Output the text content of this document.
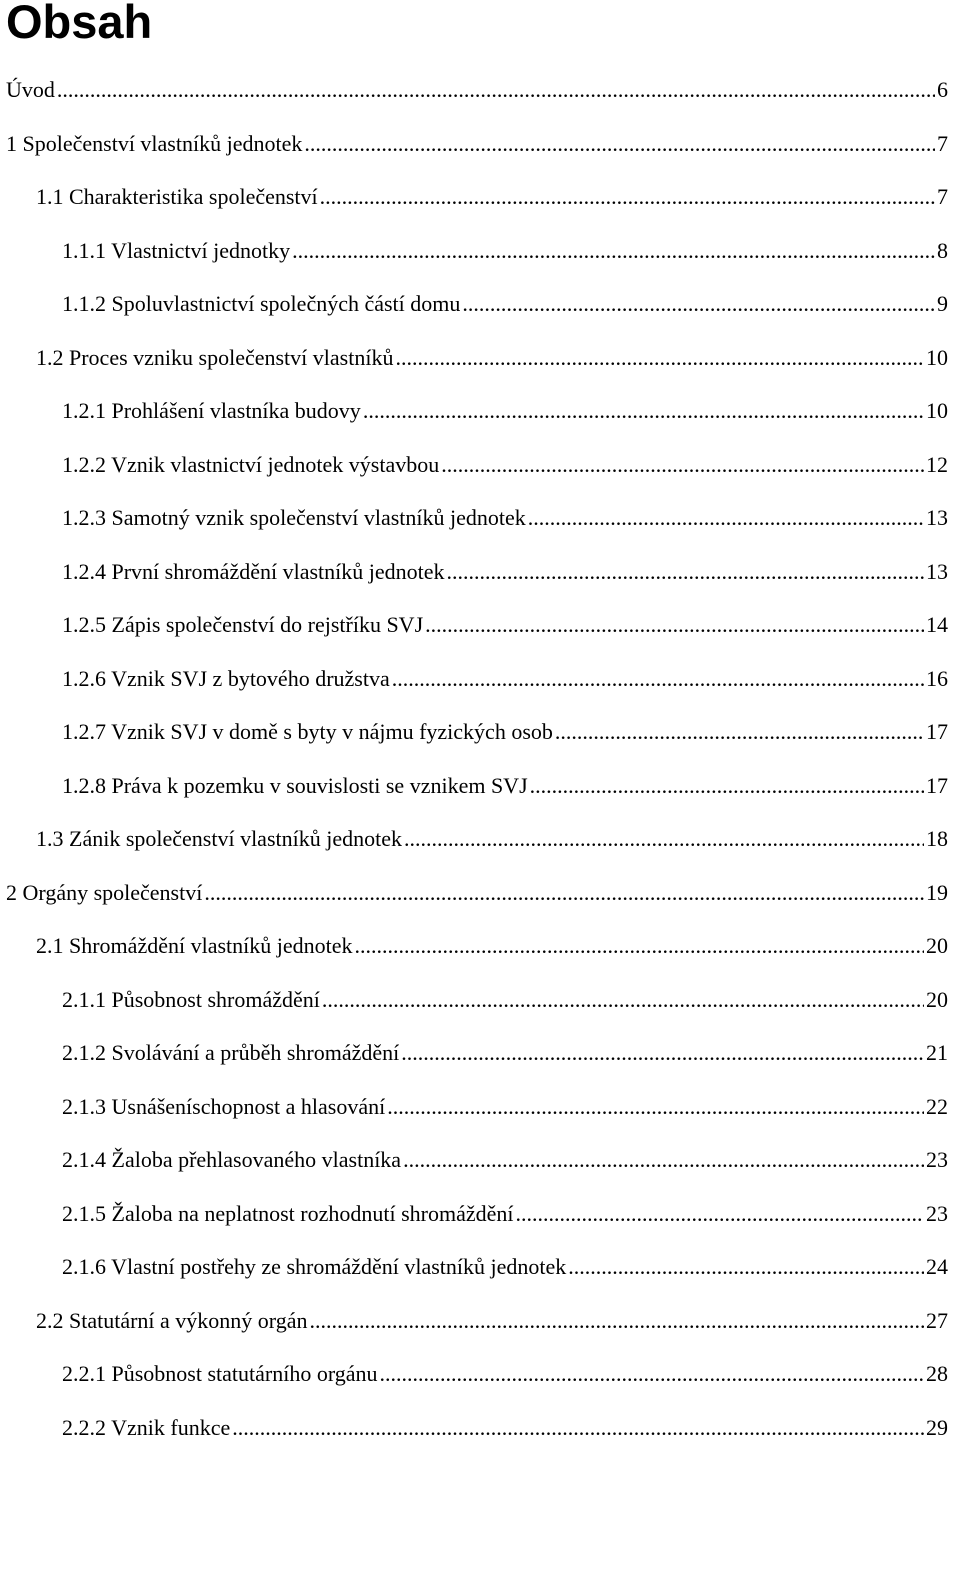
Obsah
Úvod .....	6
1 Společenství vlastníků jednotek .....	7
1.1 Charakteristika společenství .....	7
1.1.1 Vlastnictví jednotky .....	8
1.1.2 Spoluvlastnictví společných částí domu .....	9
1.2 Proces vzniku společenství vlastníků .....	10
1.2.1 Prohlášení vlastníka budovy .....	10
1.2.2 Vznik vlastnictví jednotek výstavbou .....	12
1.2.3 Samotný vznik společenství vlastníků jednotek .....	13
1.2.4 První shromáždění vlastníků jednotek .....	13
1.2.5 Zápis společenství do rejstříku SVJ .....	14
1.2.6 Vznik SVJ z bytového družstva .....	16
1.2.7 Vznik SVJ v domě s byty v nájmu fyzických osob .....	17
1.2.8 Práva k pozemku v souvislosti se vznikem SVJ .....	17
1.3 Zánik společenství vlastníků jednotek .....	18
2 Orgány společenství .....	19
2.1 Shromáždění vlastníků jednotek .....	20
2.1.1 Působnost shromáždění .....	20
2.1.2 Svolávání a průběh shromáždění .....	21
2.1.3 Usnášeníschopnost a hlasování .....	22
2.1.4 Žaloba přehlasovaného vlastníka .....	23
2.1.5 Žaloba na neplatnost rozhodnutí shromáždění .....	23
2.1.6 Vlastní postřehy ze shromáždění vlastníků jednotek .....	24
2.2 Statutární a výkonný orgán .....	27
2.2.1 Působnost statutárního orgánu .....	28
2.2.2 Vznik funkce .....	29
